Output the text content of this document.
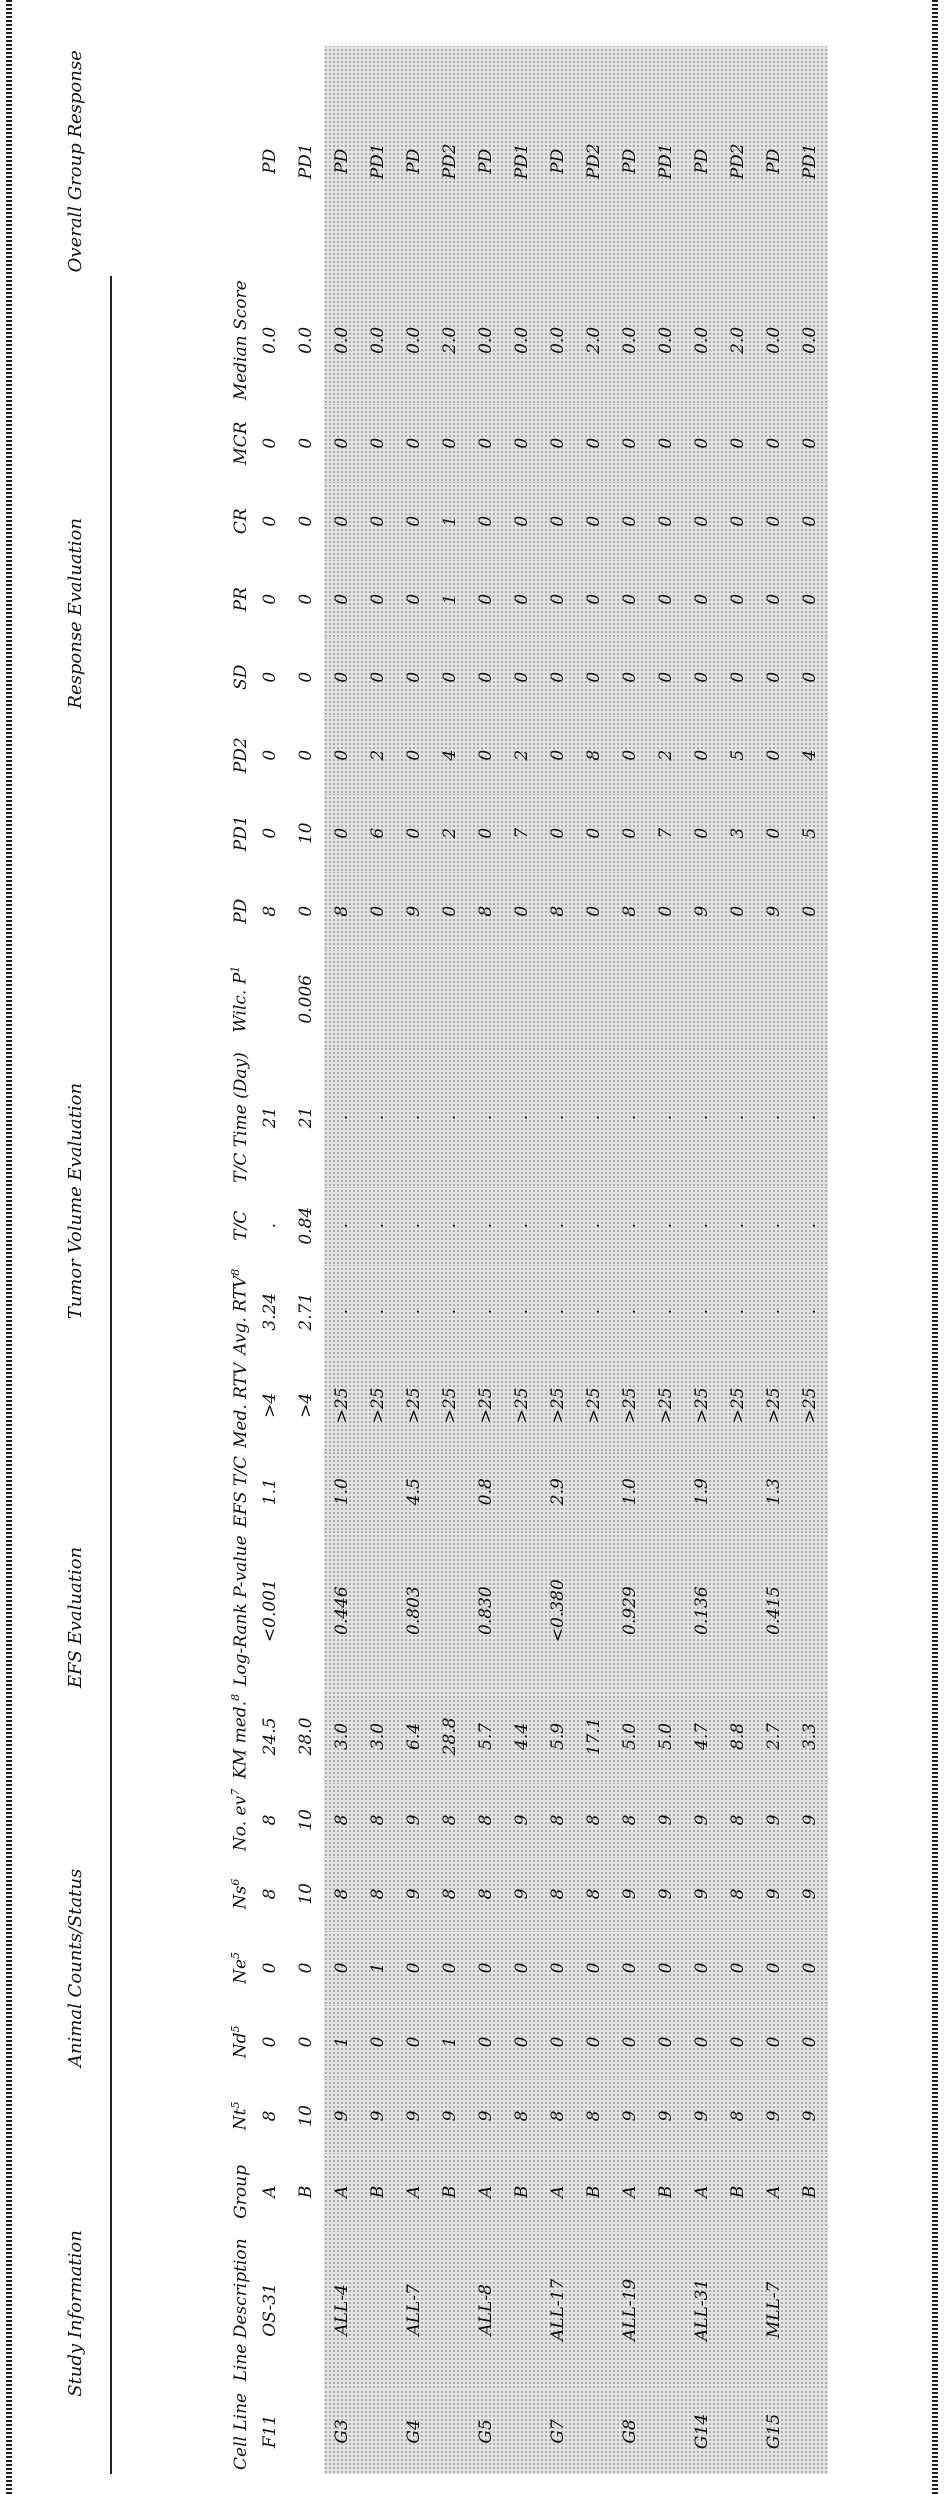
Study Information			Animal Counts/Status					EFS Evaluation			Tumor Volume Evaluation					Response Evaluation								Overall Group Response
Cell Line	Line Description	Group	Nt$^5$	Nd$^5$	Ne$^5$	Ns$^6$	No. $ev^7$	KM med.$^8$	Log-Rank P-value	EFS T/C	Med. RTV	Avg. RTV$^8$	T/C	T/C Time (Day)	Wilc. $P^1$	PD	PD1	PD2	SD	PR	CR	MCR	Median Score	
F11	OS-31	A	8	0	0	8	8	24.5	<0.001	1.1	>4	3.24	.	21		8	0	0	0	0	0	0	0.0	PD
		B	10	0	0	10	10	28.0			>4	2.71	0.84	21	0.006	0	10	0	0	0	0	0	0.0	PD1
G3	ALL-4	A	9	1	0	8	8	3.0	0.446	1.0	>25	.	.	.		8	0	0	0	0	0	0	0.0	PD
		B	9	0	1	8	8	3.0			>25	.	.	.		0	6	2	0	0	0	0	0.0	PD1
G4	ALL-7	A	9	0	0	9	9	6.4	0.803	4.5	>25	.	.	.		9	0	0	0	0	0	0	0.0	PD
		B	9	1	0	8	8	28.8			>25	.	.	.		0	2	4	0	1	1	0	2.0	PD2
G5	ALL-8	A	9	0	0	8	8	5.7	0.830	0.8	>25	.	.	.		8	0	0	0	0	0	0	0.0	PD
		B	8	0	0	9	9	4.4			>25	.	.	.		0	7	2	0	0	0	0	0.0	PD1
G7	ALL-17	A	8	0	0	8	8	5.9	<0.380	2.9	>25	.	.	.		8	0	0	0	0	0	0	0.0	PD
		B	8	0	0	8	8	17.1			>25	.	.	.		0	0	8	0	0	0	0	2.0	PD2
G8	ALL-19	A	9	0	0	9	8	5.0	0.929	1.0	>25	.	.	.		8	0	0	0	0	0	0	0.0	PD
		B	9	0	0	9	9	5.0			>25	.	.	.		0	7	2	0	0	0	0	0.0	PD1
G14	ALL-31	A	9	0	0	9	9	4.7	0.136	1.9	>25	.	.	.		9	0	0	0	0	0	0	0.0	PD
		B	8	0	0	8	8	8.8			>25	.	.	.		0	3	5	0	0	0	0	2.0	PD2
G15	MLL-7	A	9	0	0	9	9	2.7	0.415	1.3	>25	.	.	.		9	0	0	0	0	0	0	0.0	PD
		B	9	0	0	9	9	3.3			>25	.	.	.		0	5	4	0	0	0	0	0.0	PD1
